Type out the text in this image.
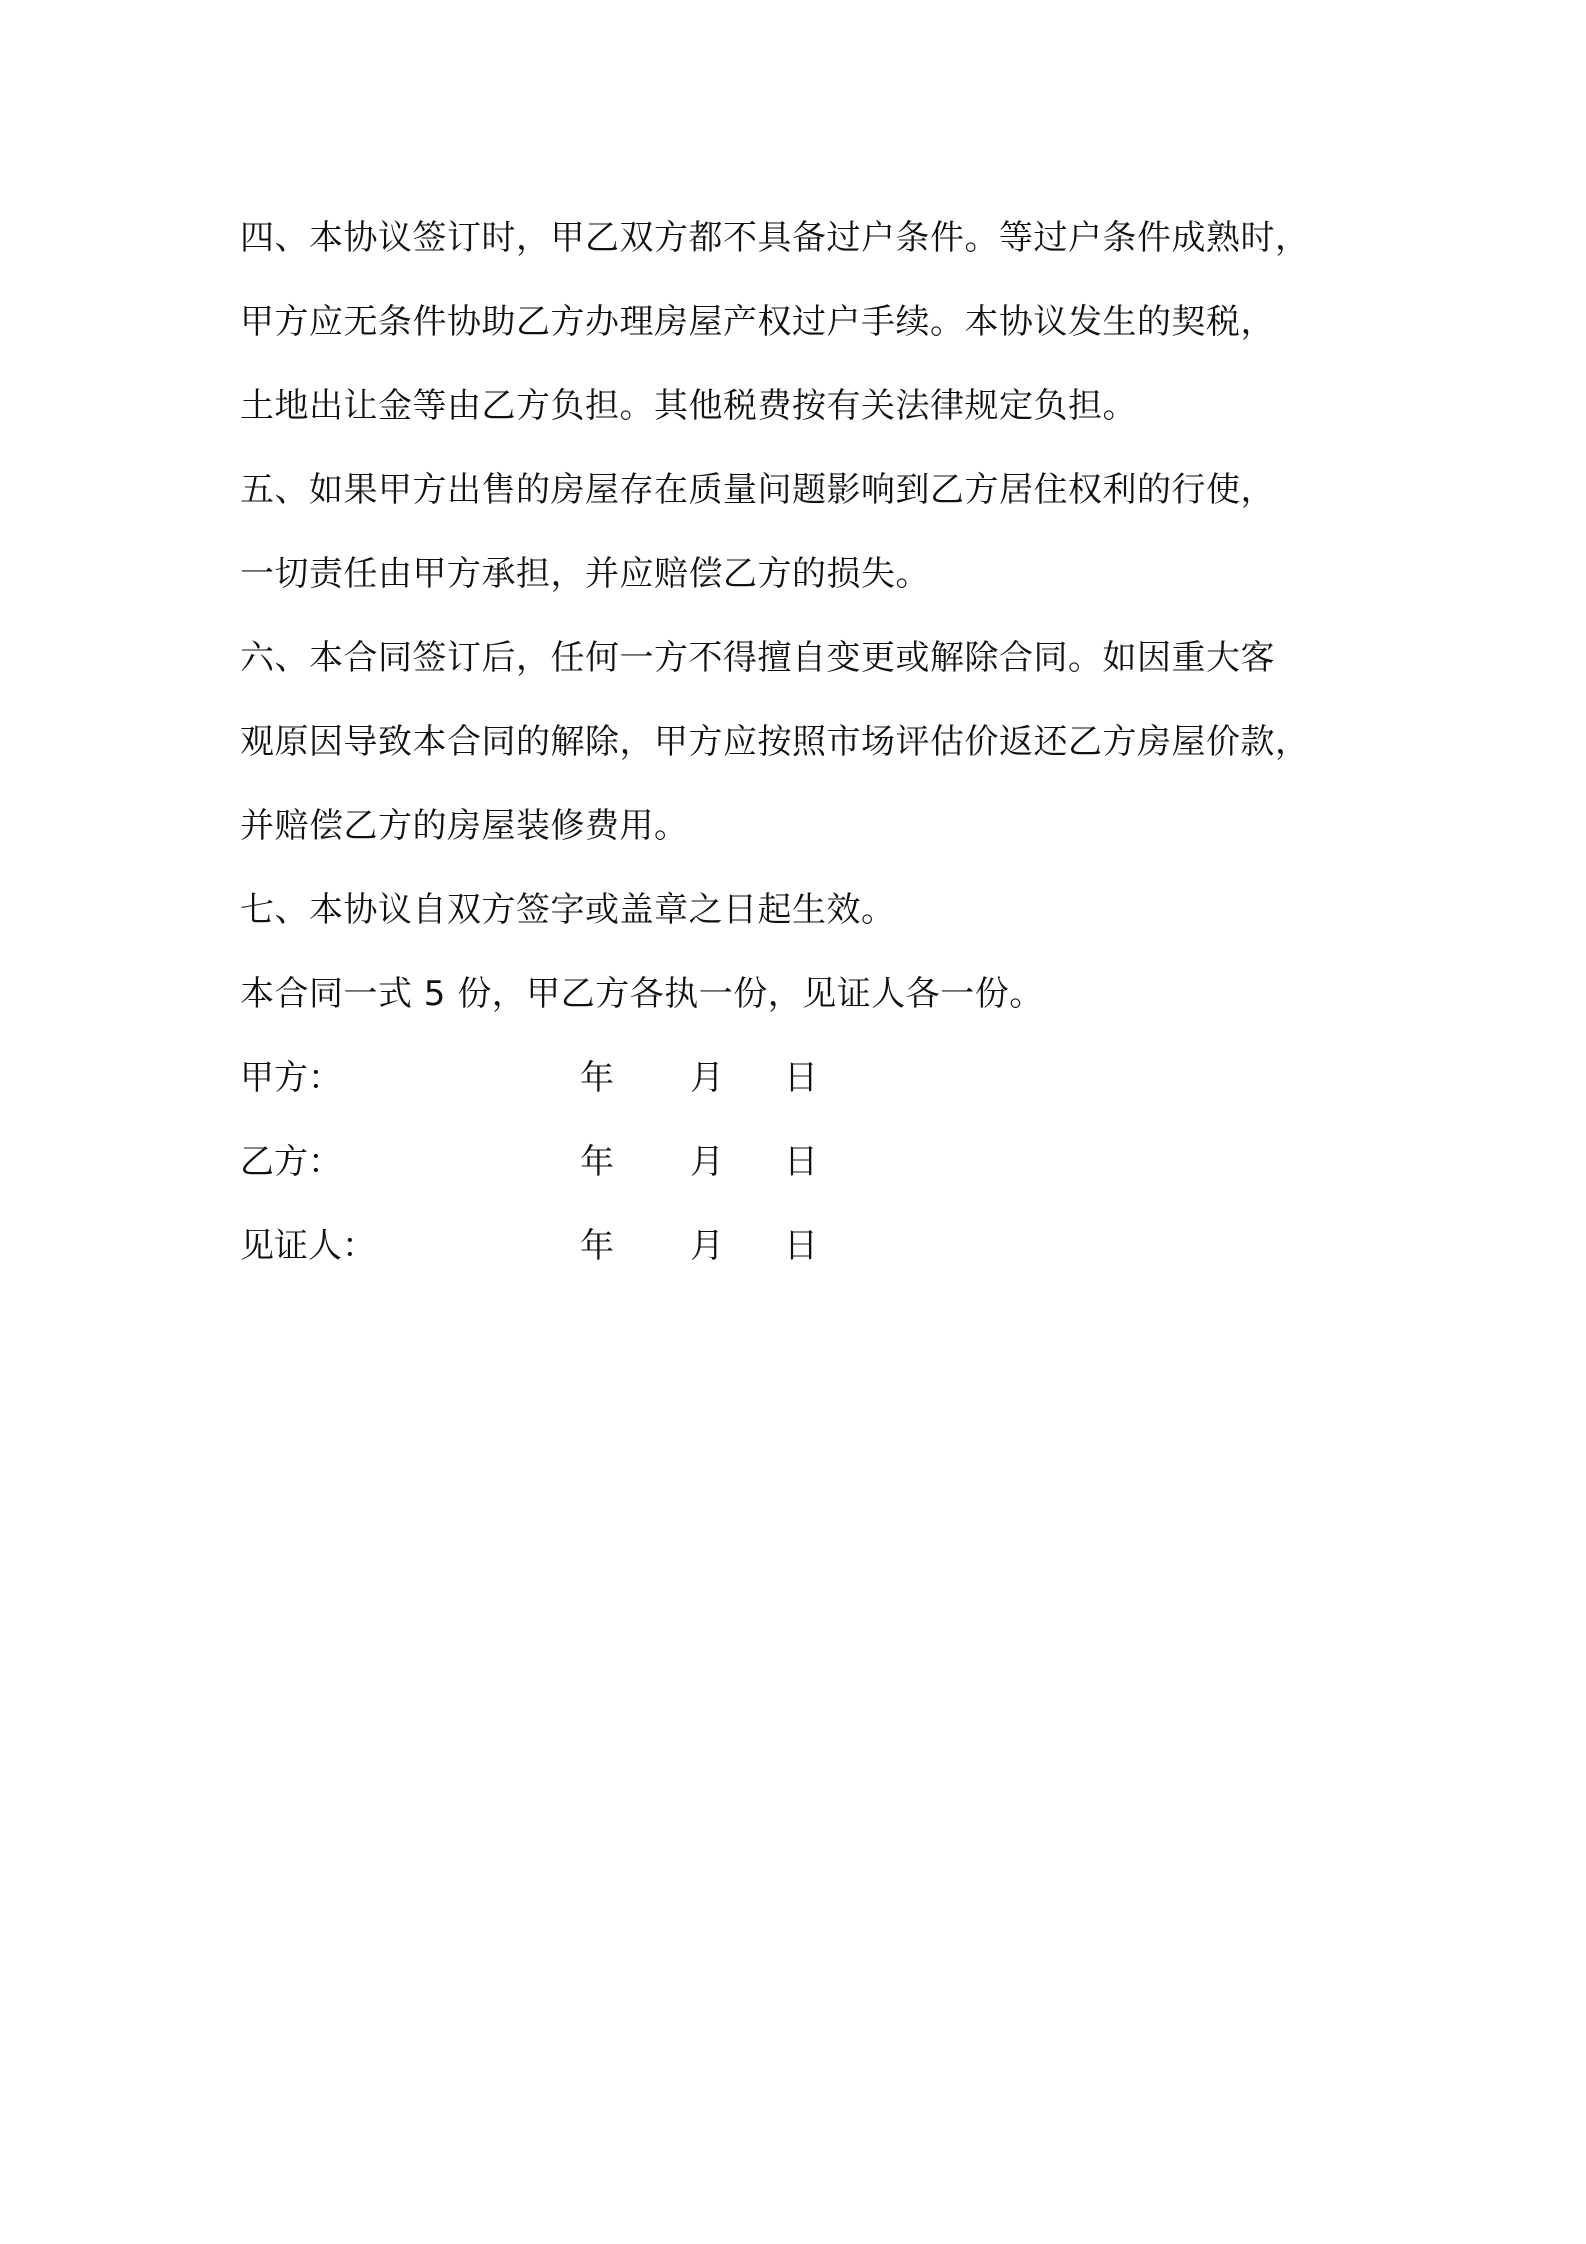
四、本协议签订时，甲乙双方都不具备过户条件。等过户条件成熟时，
甲方应无条件协助乙方办理房屋产权过户手续。本协议发生的契税，
土地出让金等由乙方负担。其他税费按有关法律规定负担。
五、如果甲方出售的房屋存在质量问题影响到乙方居住权利的行使，
一切责任由甲方承担，并应赔偿乙方的损失。
六、本合同签订后，任何一方不得擅自变更或解除合同。如因重大客
观原因导致本合同的解除，甲方应按照市场评估价返还乙方房屋价款，
并赔偿乙方的房屋装修费用。
七、本协议自双方签字或盖章之日起生效。
本合同一式 5 份，甲乙方各执一份，见证人各一份。
甲方：	年 月 日
乙方：	年 月 日
见证人：	年 月 日
